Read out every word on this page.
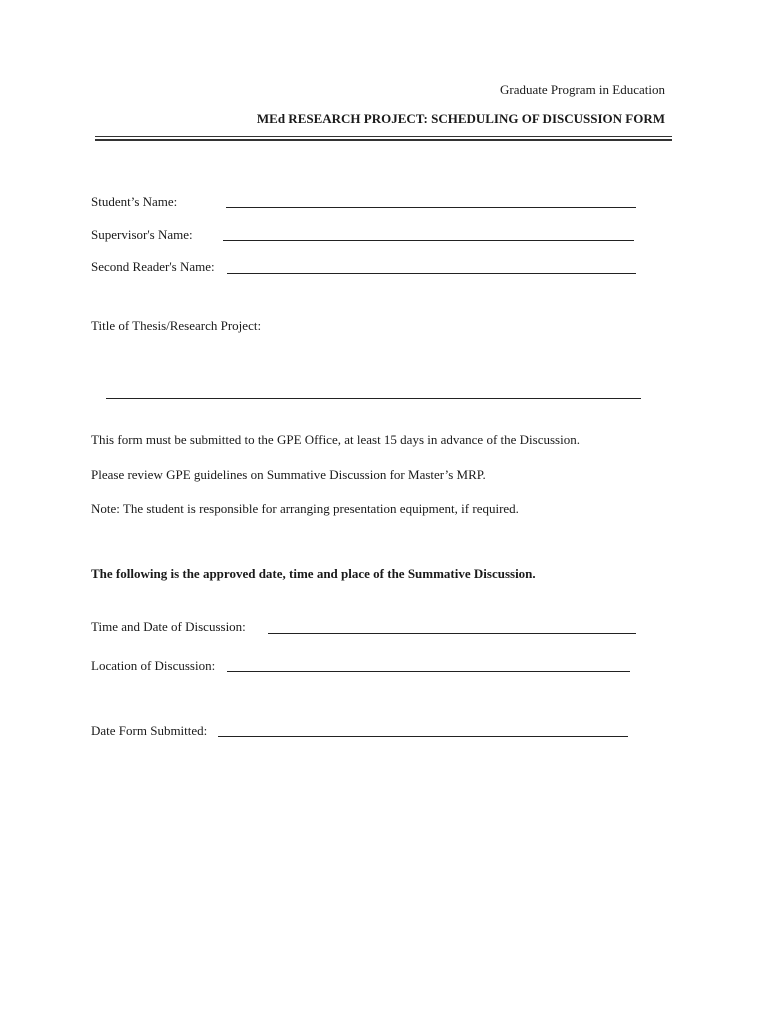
Graduate Program in Education
MEd RESEARCH PROJECT: SCHEDULING OF DISCUSSION FORM
Student’s Name:
Supervisor's Name:
Second Reader's Name:
Title of Thesis/Research Project:
This form must be submitted to the GPE Office, at least 15 days in advance of the Discussion.
Please review GPE guidelines on Summative Discussion for Master’s MRP.
Note: The student is responsible for arranging presentation equipment, if required.
The following is the approved date, time and place of the Summative Discussion.
Time and Date of Discussion:
Location of Discussion:
Date Form Submitted:
